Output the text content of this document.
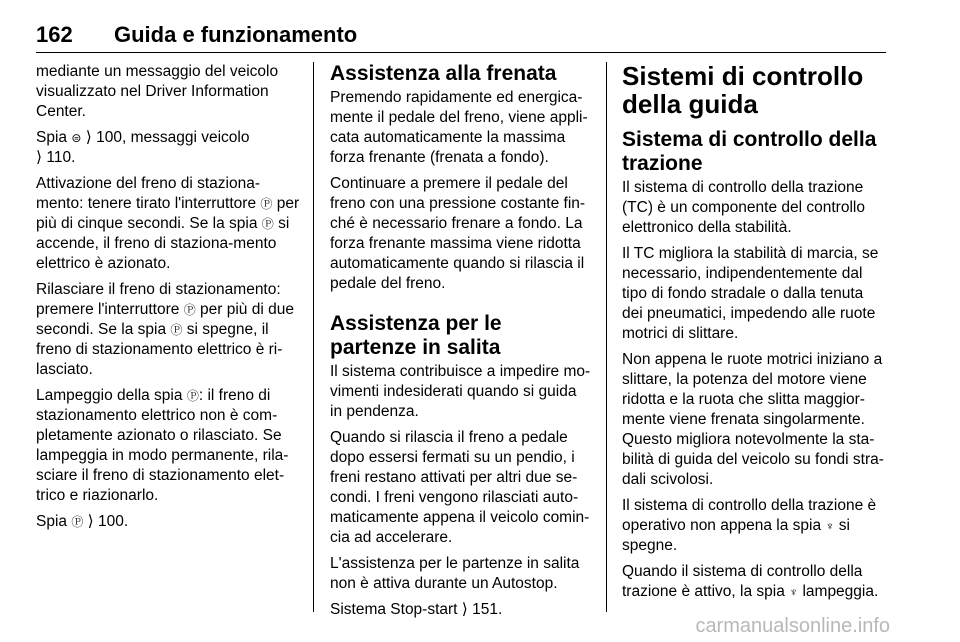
162 Guida e funzionamento

mediante un messaggio del veicolo visualizzato nel Driver Information Center.

Spia ⊜ ⟩ 100, messaggi veicolo
⟩ 110.

Attivazione del freno di staziona-mento: tenere tirato l'interruttore Ⓟ per più di cinque secondi. Se la spia Ⓟ si accende, il freno di staziona-mento elettrico è azionato.

Rilasciare il freno di stazionamento: premere l'interruttore Ⓟ per più di due secondi. Se la spia Ⓟ si spegne, il freno di stazionamento elettrico è ri-lasciato.

Lampeggio della spia Ⓟ: il freno di stazionamento elettrico non è com-pletamente azionato o rilasciato. Se lampeggia in modo permanente, rila-sciare il freno di stazionamento elet-trico e riazionarlo.

Spia Ⓟ ⟩ 100.

Assistenza alla frenata

Premendo rapidamente ed energica-mente il pedale del freno, viene appli-cata automaticamente la massima forza frenante (frenata a fondo).

Continuare a premere il pedale del freno con una pressione costante fin-ché è necessario frenare a fondo. La forza frenante massima viene ridotta automaticamente quando si rilascia il pedale del freno.

Assistenza per le partenze in salita

Il sistema contribuisce a impedire mo-vimenti indesiderati quando si guida in pendenza.

Quando si rilascia il freno a pedale dopo essersi fermati su un pendio, i freni restano attivati per altri due se-condi. I freni vengono rilasciati auto-maticamente appena il veicolo comin-cia ad accelerare.

L'assistenza per le partenze in salita non è attiva durante un Autostop.

Sistema Stop-start ⟩ 151.

Sistemi di controllo della guida
Sistema di controllo della trazione

Il sistema di controllo della trazione (TC) è un componente del controllo elettronico della stabilità.

Il TC migliora la stabilità di marcia, se necessario, indipendentemente dal tipo di fondo stradale o dalla tenuta dei pneumatici, impedendo alle ruote motrici di slittare.

Non appena le ruote motrici iniziano a slittare, la potenza del motore viene ridotta e la ruota che slitta maggior-mente viene frenata singolarmente. Questo migliora notevolmente la sta-bilità di guida del veicolo su fondi stra-dali scivolosi.

Il sistema di controllo della trazione è operativo non appena la spia ♆ si spegne.

Quando il sistema di controllo della trazione è attivo, la spia ♆ lampeggia.

carmanualsonline.info
